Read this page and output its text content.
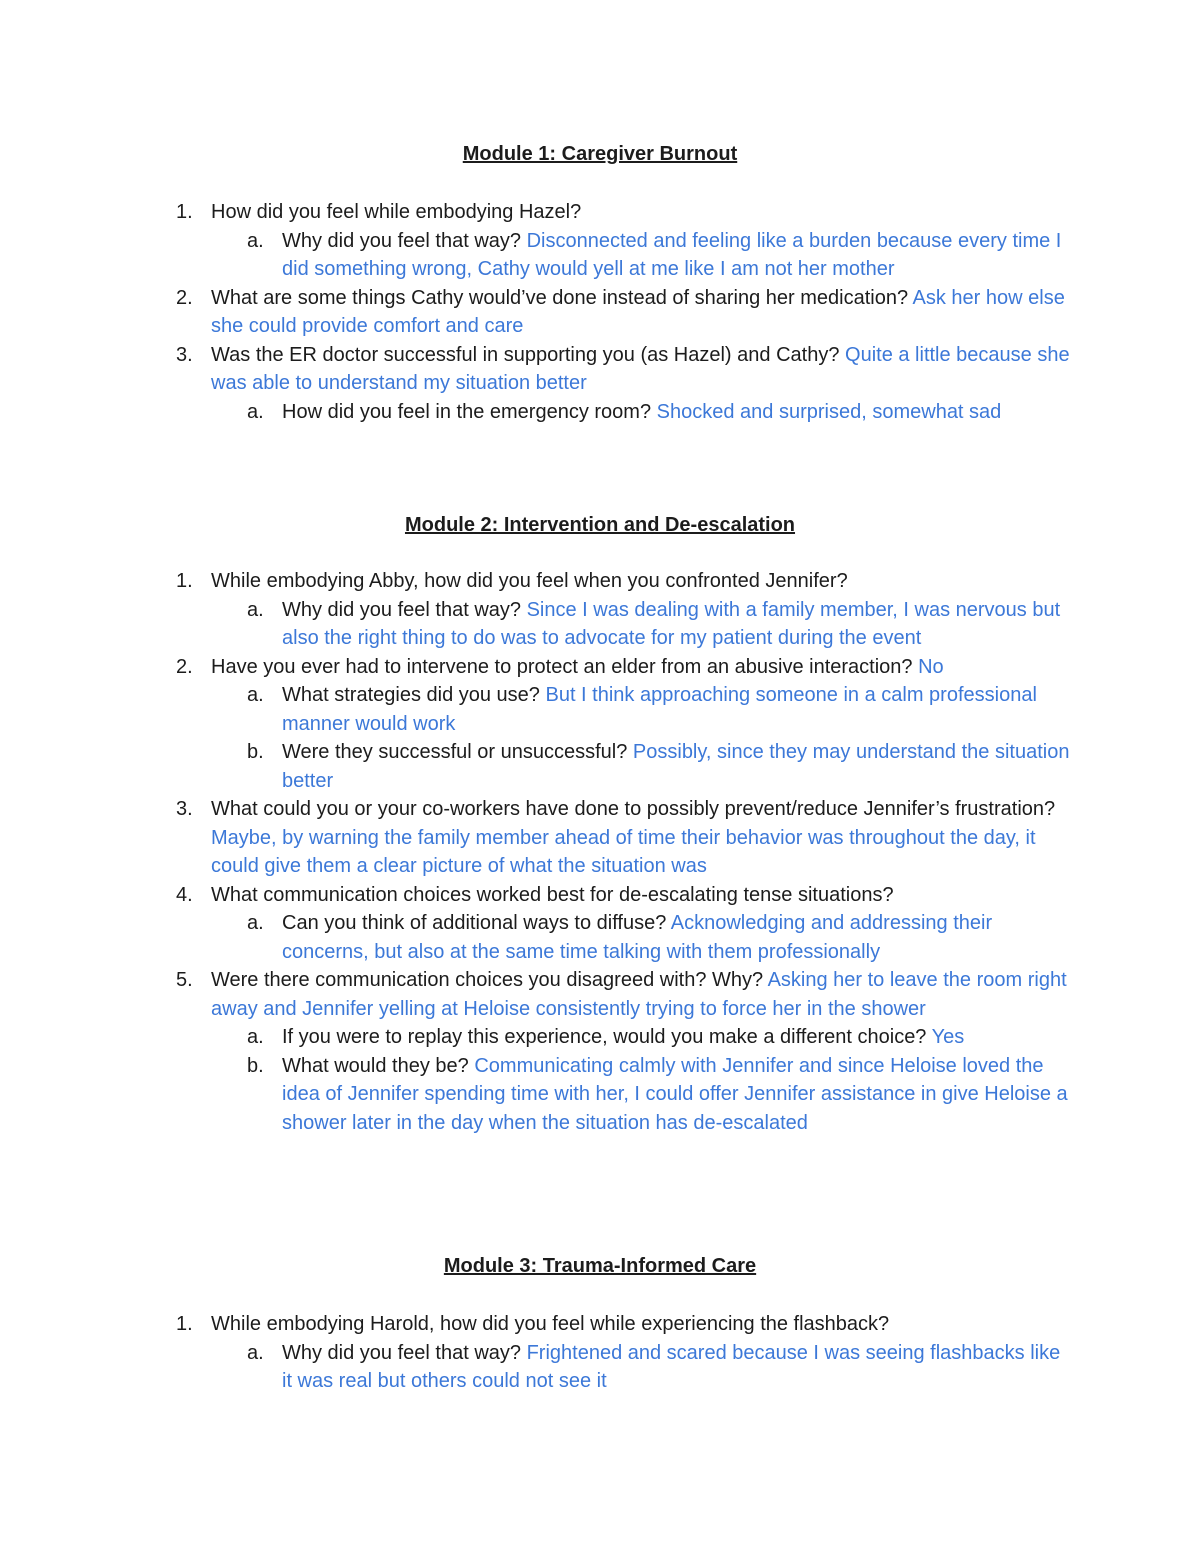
Module 1: Caregiver Burnout
1. How did you feel while embodying Hazel?
a. Why did you feel that way? Disconnected and feeling like a burden because every time I did something wrong, Cathy would yell at me like I am not her mother
2. What are some things Cathy would’ve done instead of sharing her medication? Ask her how else she could provide comfort and care
3. Was the ER doctor successful in supporting you (as Hazel) and Cathy? Quite a little because she was able to understand my situation better
a. How did you feel in the emergency room? Shocked and surprised, somewhat sad
Module 2: Intervention and De-escalation
1. While embodying Abby, how did you feel when you confronted Jennifer?
a. Why did you feel that way? Since I was dealing with a family member, I was nervous but also the right thing to do was to advocate for my patient during the event
2. Have you ever had to intervene to protect an elder from an abusive interaction? No
a. What strategies did you use? But I think approaching someone in a calm professional manner would work
b. Were they successful or unsuccessful? Possibly, since they may understand the situation better
3. What could you or your co-workers have done to possibly prevent/reduce Jennifer’s frustration? Maybe, by warning the family member ahead of time their behavior was throughout the day, it could give them a clear picture of what the situation was
4. What communication choices worked best for de-escalating tense situations?
a. Can you think of additional ways to diffuse? Acknowledging and addressing their concerns, but also at the same time talking with them professionally
5. Were there communication choices you disagreed with? Why? Asking her to leave the room right away and Jennifer yelling at Heloise consistently trying to force her in the shower
a. If you were to replay this experience, would you make a different choice? Yes
b. What would they be? Communicating calmly with Jennifer and since Heloise loved the idea of Jennifer spending time with her, I could offer Jennifer assistance in give Heloise a shower later in the day when the situation has de-escalated
Module 3: Trauma-Informed Care
1. While embodying Harold, how did you feel while experiencing the flashback?
a. Why did you feel that way? Frightened and scared because I was seeing flashbacks like it was real but others could not see it
